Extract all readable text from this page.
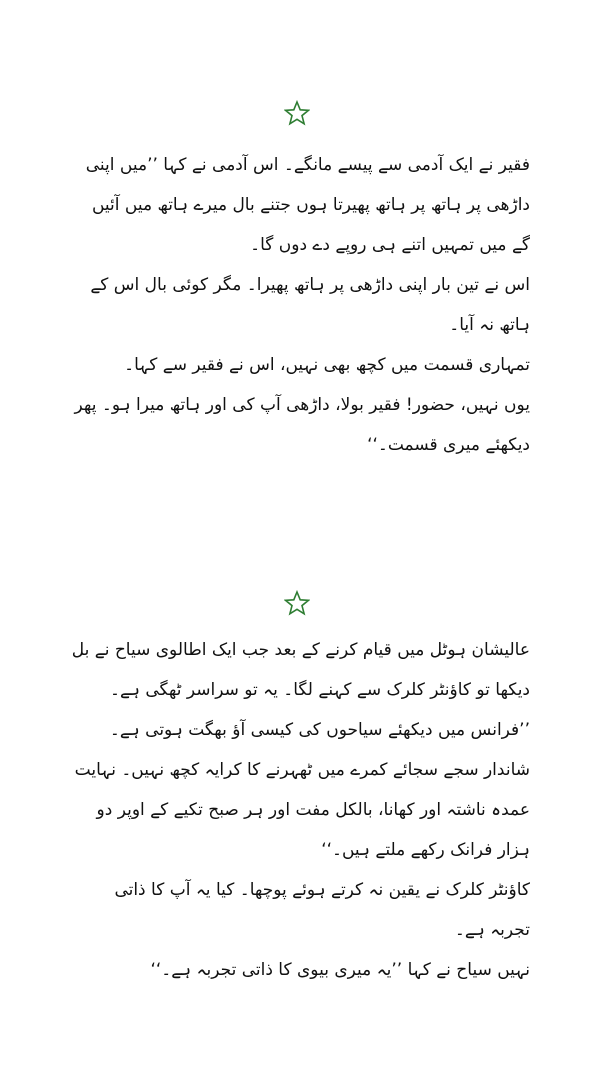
فقیر نے ایک آدمی سے پیسے مانگے۔ اس آدمی نے کہا ’’میں اپنی داڑھی پر ہاتھ پر ہاتھ پھیرتا ہوں جتنے بال میرے ہاتھ میں آئیں گے میں تمہیں اتنے ہی روپے دے دوں گا۔

اس نے تین بار اپنی داڑھی پر ہاتھ پھیرا۔ مگر کوئی بال اس کے ہاتھ نہ آیا۔

تمہاری قسمت میں کچھ بھی نہیں، اس نے فقیر سے کہا۔

یوں نہیں، حضور! فقیر بولا، داڑھی آپ کی اور ہاتھ میرا ہو۔ پھر دیکھئے میری قسمت۔‘‘

عالیشان ہوٹل میں قیام کرنے کے بعد جب ایک اطالوی سیاح نے بل دیکھا تو کاؤنٹر کلرک سے کہنے لگا۔ یہ تو سراسر ٹھگی ہے۔ ’’فرانس میں دیکھئے سیاحوں کی کیسی آؤ بھگت ہوتی ہے۔ شاندار سجے سجائے کمرے میں ٹھہرنے کا کرایہ کچھ نہیں۔ نہایت عمدہ ناشتہ اور کھانا، بالکل مفت اور ہر صبح تکیے کے اوپر دو ہزار فرانک رکھے ملتے ہیں۔‘‘

کاؤنٹر کلرک نے یقین نہ کرتے ہوئے پوچھا۔ کیا یہ آپ کا ذاتی تجربہ ہے۔

نہیں سیاح نے کہا ’’یہ میری بیوی کا ذاتی تجربہ ہے۔‘‘
